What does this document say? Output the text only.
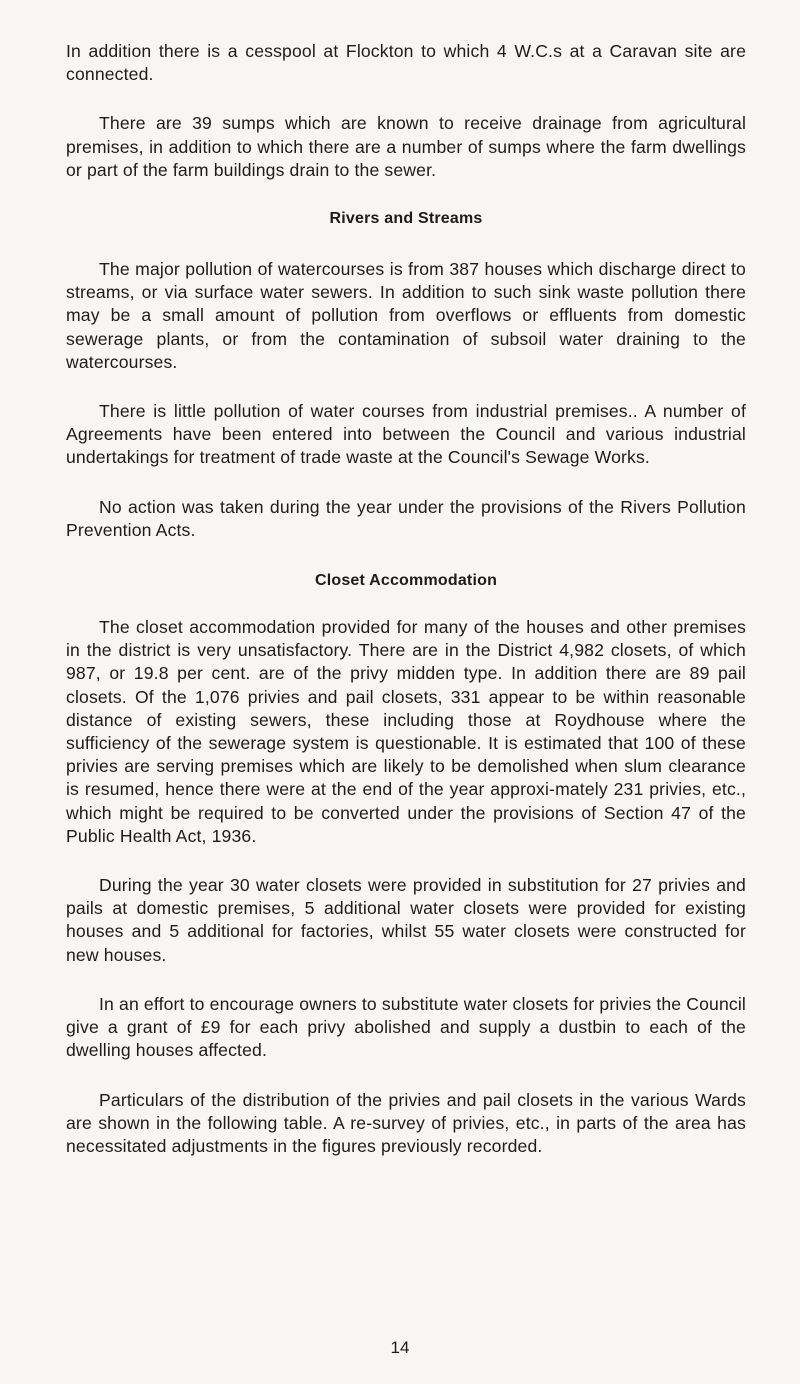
In addition there is a cesspool at Flockton to which 4 W.C.s at a Caravan site are connected.

There are 39 sumps which are known to receive drainage from agricultural premises, in addition to which there are a number of sumps where the farm dwellings or part of the farm buildings drain to the sewer.

Rivers and Streams

The major pollution of watercourses is from 387 houses which discharge direct to streams, or via surface water sewers. In addition to such sink waste pollution there may be a small amount of pollution from overflows or effluents from domestic sewerage plants, or from the contamination of subsoil water draining to the watercourses.

There is little pollution of water courses from industrial premises.. A number of Agreements have been entered into between the Council and various industrial undertakings for treatment of trade waste at the Council's Sewage Works.

No action was taken during the year under the provisions of the Rivers Pollution Prevention Acts.

Closet Accommodation

The closet accommodation provided for many of the houses and other premises in the district is very unsatisfactory. There are in the District 4,982 closets, of which 987, or 19.8 per cent. are of the privy midden type. In addition there are 89 pail closets. Of the 1,076 privies and pail closets, 331 appear to be within reasonable distance of existing sewers, these including those at Roydhouse where the sufficiency of the sewerage system is questionable. It is estimated that 100 of these privies are serving premises which are likely to be demolished when slum clearance is resumed, hence there were at the end of the year approxi-mately 231 privies, etc., which might be required to be converted under the provisions of Section 47 of the Public Health Act, 1936.

During the year 30 water closets were provided in substitution for 27 privies and pails at domestic premises, 5 additional water closets were provided for existing houses and 5 additional for factories, whilst 55 water closets were constructed for new houses.

In an effort to encourage owners to substitute water closets for privies the Council give a grant of £9 for each privy abolished and supply a dustbin to each of the dwelling houses affected.

Particulars of the distribution of the privies and pail closets in the various Wards are shown in the following table. A re-survey of privies, etc., in parts of the area has necessitated adjustments in the figures previously recorded.

14
